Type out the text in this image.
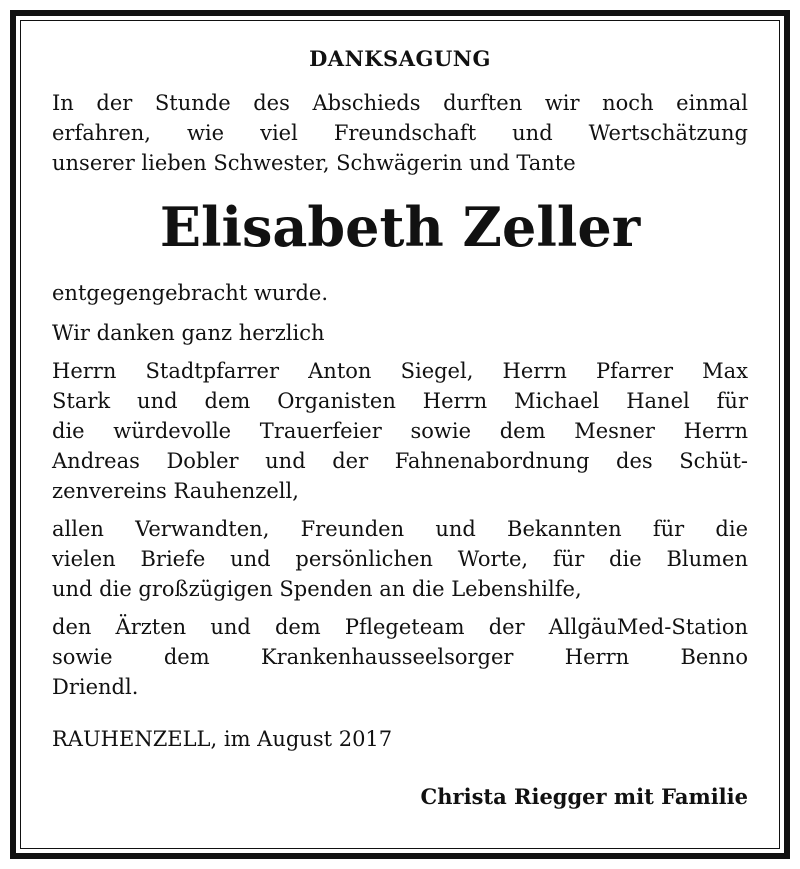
DANKSAGUNG

In der Stunde des Abschieds durften wir noch einmal
erfahren, wie viel Freundschaft und Wertschätzung
unserer lieben Schwester, Schwägerin und Tante

Elisabeth Zeller

entgegengebracht wurde.

Wir danken ganz herzlich

Herrn Stadtpfarrer Anton Siegel, Herrn Pfarrer Max
Stark und dem Organisten Herrn Michael Hanel für
die würdevolle Trauerfeier sowie dem Mesner Herrn
Andreas Dobler und der Fahnenabordnung des Schüt-
zenvereins Rauhenzell,

allen Verwandten, Freunden und Bekannten für die
vielen Briefe und persönlichen Worte, für die Blumen
und die großzügigen Spenden an die Lebenshilfe,

den Ärzten und dem Pflegeteam der AllgäuMed-Station
sowie dem Krankenhausseelsorger Herrn Benno
Driendl.

RAUHENZELL, im August 2017

Christa Riegger mit Familie
